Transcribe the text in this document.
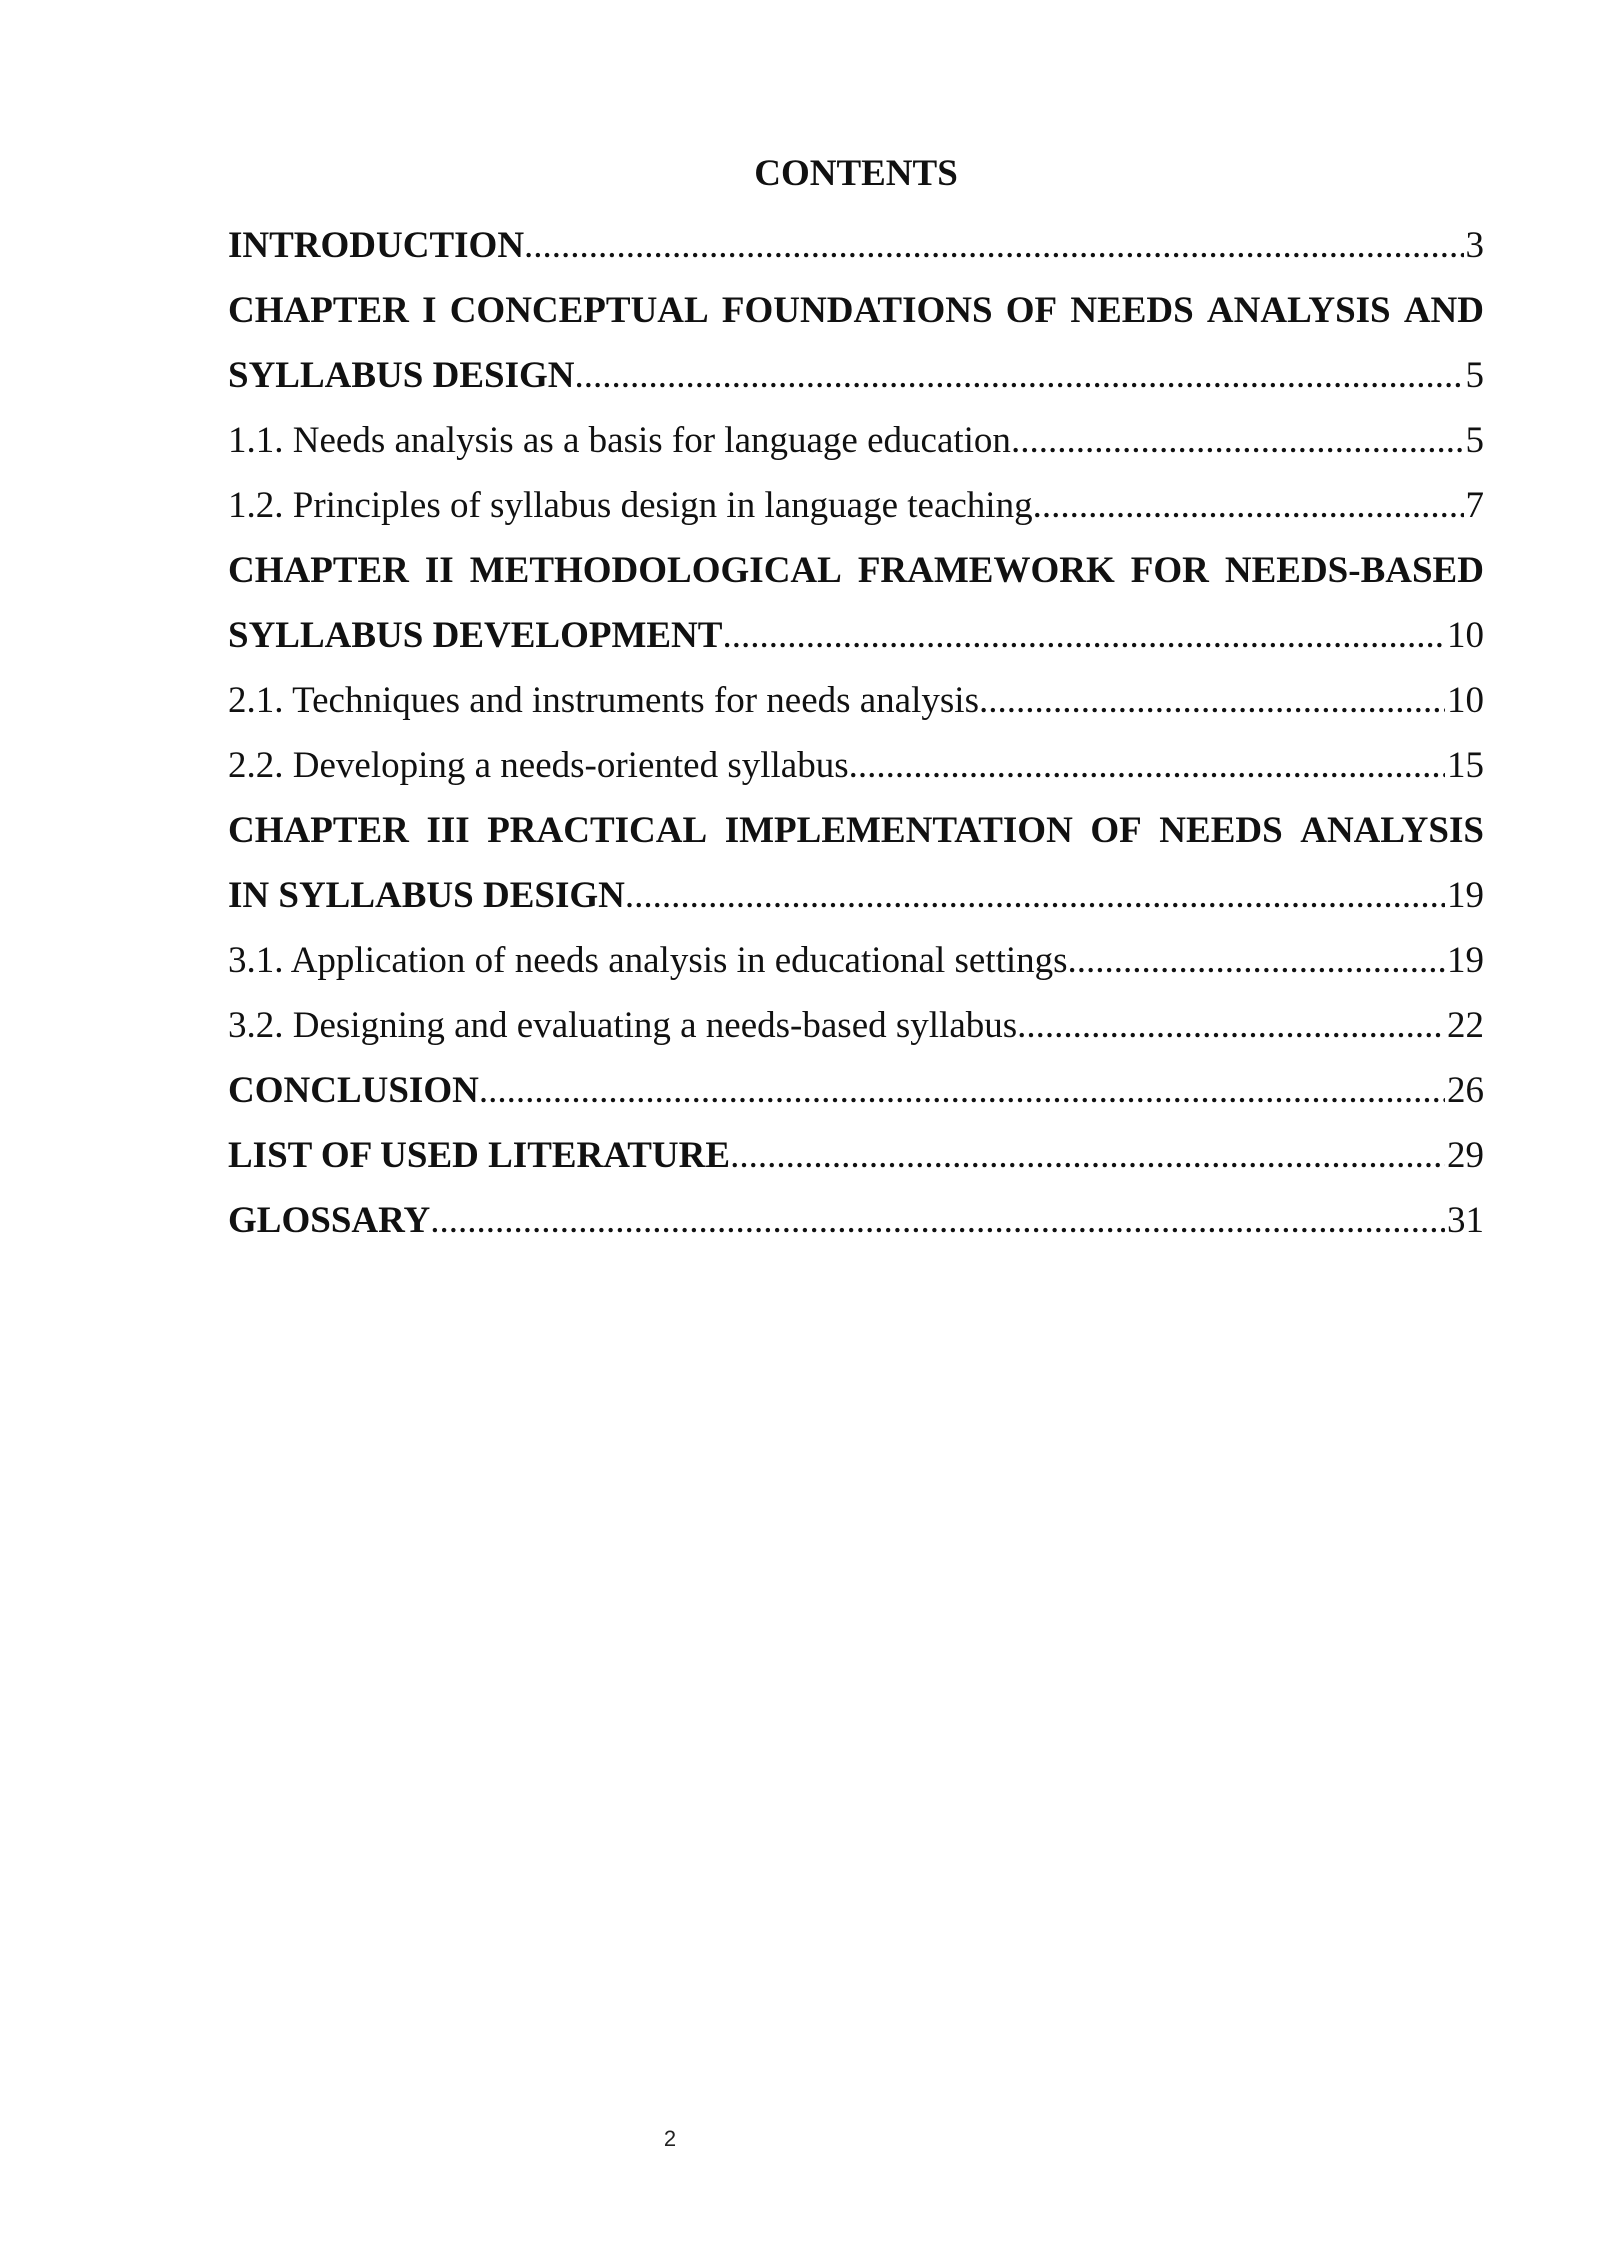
CONTENTS
INTRODUCTION .....	3
CHAPTER I CONCEPTUAL FOUNDATIONS OF NEEDS ANALYSIS AND
SYLLABUS DESIGN .....	5
1.1. Needs analysis as a basis for language education .....	5
1.2. Principles of syllabus design in language teaching .....	7
CHAPTER II METHODOLOGICAL FRAMEWORK FOR NEEDS-BASED
SYLLABUS DEVELOPMENT .....	10
2.1. Techniques and instruments for needs analysis .....	10
2.2. Developing a needs-oriented syllabus .....	15
CHAPTER III PRACTICAL IMPLEMENTATION OF NEEDS ANALYSIS
IN SYLLABUS DESIGN .....	19
3.1. Application of needs analysis in educational settings .....	19
3.2. Designing and evaluating a needs-based syllabus .....	22
CONCLUSION .....	26
LIST OF USED LITERATURE .....	29
GLOSSARY .....	31
2
